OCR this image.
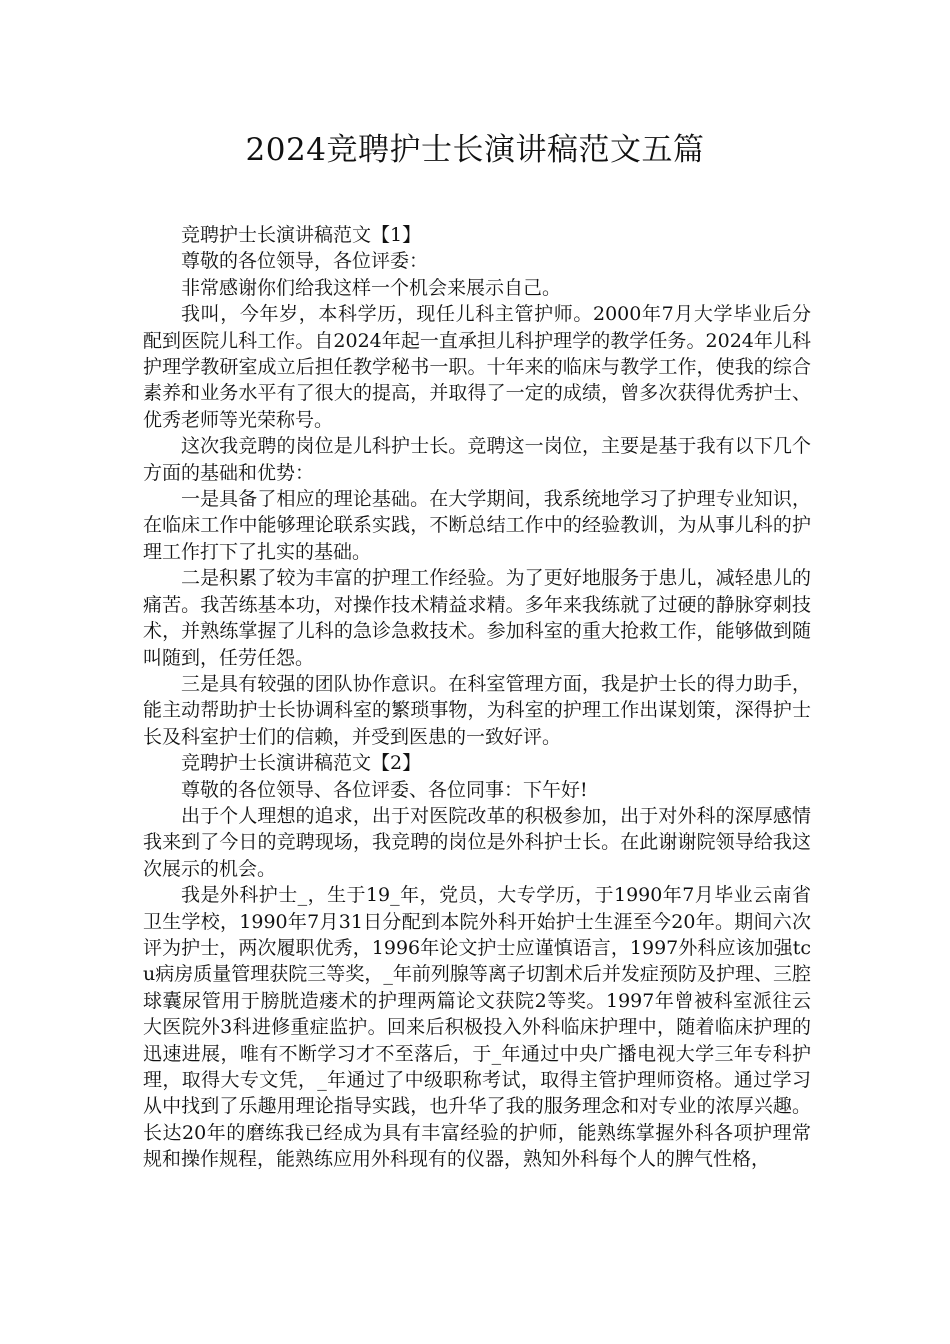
2024竞聘护士长演讲稿范文五篇

竞聘护士长演讲稿范文【1】

尊敬的各位领导，各位评委：

非常感谢你们给我这样一个机会来展示自己。

我叫，今年岁，本科学历，现任儿科主管护师。2000年7月大学毕业后分配到医院儿科工作。自2024年起一直承担儿科护理学的教学任务。2024年儿科护理学教研室成立后担任教学秘书一职。十年来的临床与教学工作，使我的综合素养和业务水平有了很大的提高，并取得了一定的成绩，曾多次获得优秀护士、优秀老师等光荣称号。

这次我竞聘的岗位是儿科护士长。竞聘这一岗位，主要是基于我有以下几个方面的基础和优势：

一是具备了相应的理论基础。在大学期间，我系统地学习了护理专业知识，在临床工作中能够理论联系实践，不断总结工作中的经验教训，为从事儿科的护理工作打下了扎实的基础。

二是积累了较为丰富的护理工作经验。为了更好地服务于患儿，减轻患儿的痛苦。我苦练基本功，对操作技术精益求精。多年来我练就了过硬的静脉穿刺技术，并熟练掌握了儿科的急诊急救技术。参加科室的重大抢救工作，能够做到随叫随到，任劳任怨。

三是具有较强的团队协作意识。在科室管理方面，我是护士长的得力助手，能主动帮助护士长协调科室的繁琐事物，为科室的护理工作出谋划策，深得护士长及科室护士们的信赖，并受到医患的一致好评。

竞聘护士长演讲稿范文【2】

尊敬的各位领导、各位评委、各位同事：下午好!

出于个人理想的追求，出于对医院改革的积极参加，出于对外科的深厚感情我来到了今日的竞聘现场，我竞聘的岗位是外科护士长。在此谢谢院领导给我这次展示的机会。

我是外科护士_，生于19_年，党员，大专学历，于1990年7月毕业云南省卫生学校，1990年7月31日分配到本院外科开始护士生涯至今20年。期间六次评为护士，两次履职优秀，1996年论文护士应谨慎语言，1997外科应该加强tcu病房质量管理获院三等奖，_年前列腺等离子切割术后并发症预防及护理、三腔球囊尿管用于膀胱造瘘术的护理两篇论文获院2等奖。1997年曾被科室派往云大医院外3科进修重症监护。回来后积极投入外科临床护理中，随着临床护理的迅速进展，唯有不断学习才不至落后，于_年通过中央广播电视大学三年专科护理，取得大专文凭，_年通过了中级职称考试，取得主管护理师资格。通过学习从中找到了乐趣用理论指导实践，也升华了我的服务理念和对专业的浓厚兴趣。长达20年的磨练我已经成为具有丰富经验的护师，能熟练掌握外科各项护理常规和操作规程，能熟练应用外科现有的仪器，熟知外科每个人的脾气性格，
